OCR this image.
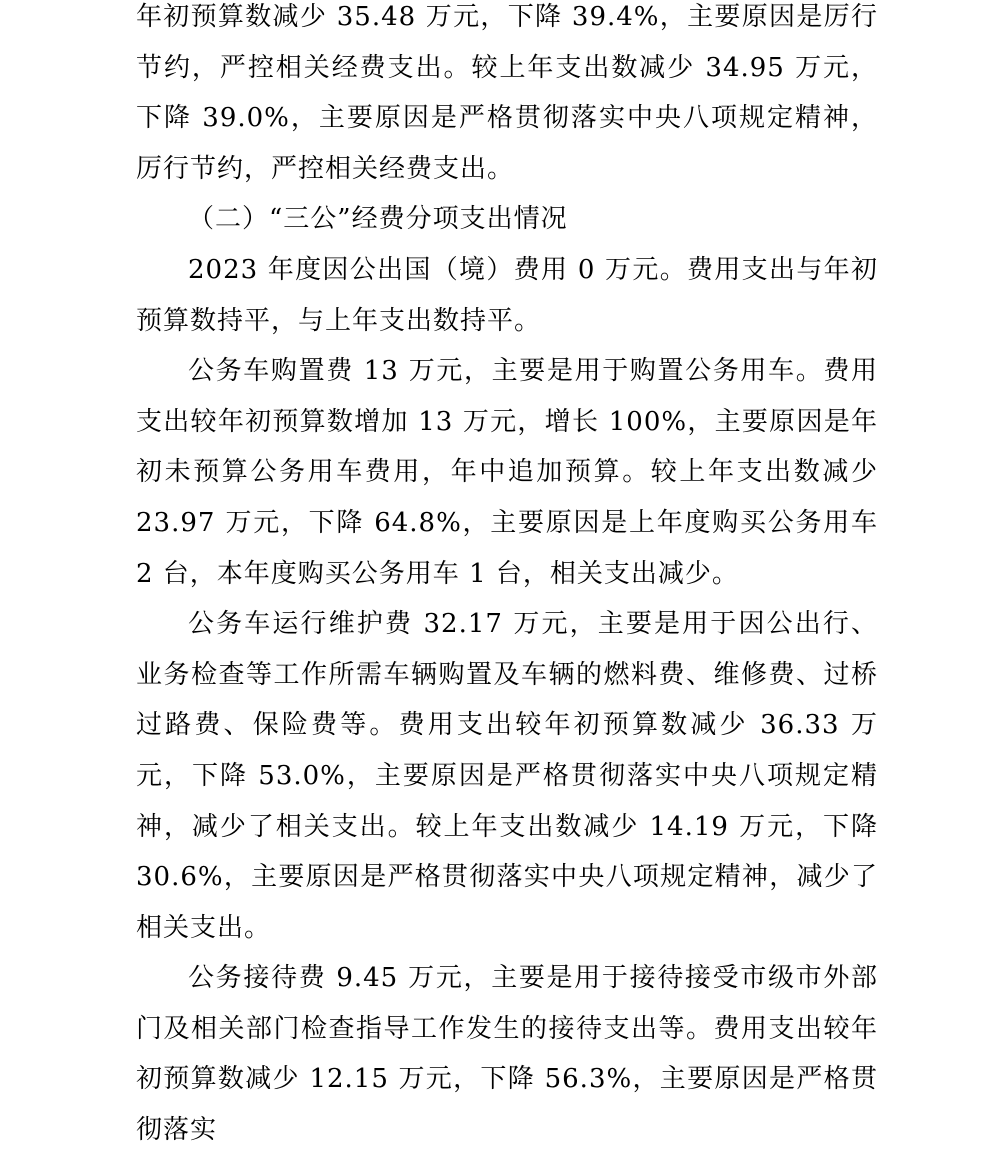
年初预算数减少 35.48 万元，下降 39.4%，主要原因是厉行节约，严控相关经费支出。较上年支出数减少 34.95 万元，下降 39.0%，主要原因是严格贯彻落实中央八项规定精神，厉行节约，严控相关经费支出。

（二）“三公”经费分项支出情况

2023 年度因公出国（境）费用 0 万元。费用支出与年初预算数持平，与上年支出数持平。

公务车购置费 13 万元，主要是用于购置公务用车。费用支出较年初预算数增加 13 万元，增长 100%，主要原因是年初未预算公务用车费用，年中追加预算。较上年支出数减少 23.97 万元，下降 64.8%，主要原因是上年度购买公务用车 2 台，本年度购买公务用车 1 台，相关支出减少。

公务车运行维护费 32.17 万元，主要是用于因公出行、业务检查等工作所需车辆购置及车辆的燃料费、维修费、过桥过路费、保险费等。费用支出较年初预算数减少 36.33 万元，下降 53.0%，主要原因是严格贯彻落实中央八项规定精神，减少了相关支出。较上年支出数减少 14.19 万元，下降 30.6%，主要原因是严格贯彻落实中央八项规定精神，减少了相关支出。

公务接待费 9.45 万元，主要是用于接待接受市级市外部门及相关部门检查指导工作发生的接待支出等。费用支出较年初预算数减少 12.15 万元，下降 56.3%，主要原因是严格贯彻落实
